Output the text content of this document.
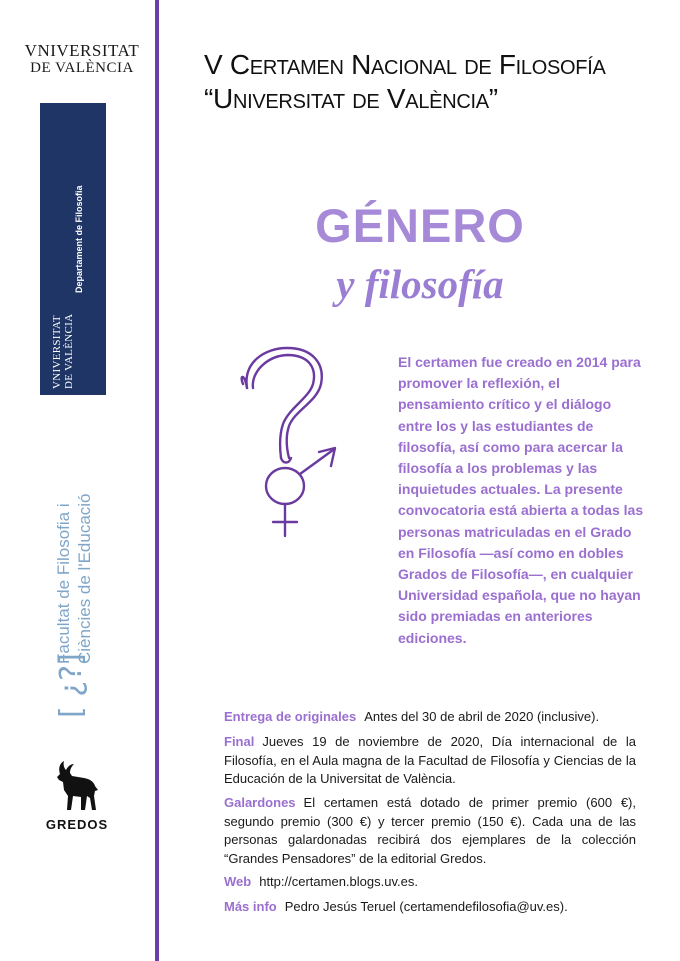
VNIVERSITAT
DE VALÈNCIA
VNIVERSITAT DE VALÈNCIA
Departament de Filosofia
[ ¿?]
Facultat de Filosofia i Ciències de l'Educació
GREDOS
V Certamen Nacional de Filosofía
“Universitat de València”
GÉNERO
y filosofía
El certamen fue creado en 2014 para promover la reflexión, el pensamiento crítico y el diálogo entre los y las estudiantes de filosofía, así como para acercar la filosofía a los problemas y las inquietudes actuales. La presente convocatoria está abierta a todas las personas matriculadas en el Grado en Filosofía —así como en dobles Grados de Filosofía—, en cualquier Universidad española, que no hayan sido premiadas en anteriores ediciones.
Entrega de originales Antes del 30 de abril de 2020 (inclusive).
Final Jueves 19 de noviembre de 2020, Día internacional de la Filosofía, en el Aula magna de la Facultad de Filosofía y Ciencias de la Educación de la Universitat de València.
Galardones El certamen está dotado de primer premio (600 €), segundo premio (300 €) y tercer premio (150 €). Cada una de las personas galardonadas recibirá dos ejemplares de la colección “Grandes Pensadores” de la editorial Gredos.
Web http://certamen.blogs.uv.es.
Más info Pedro Jesús Teruel (certamendefilosofia@uv.es).
